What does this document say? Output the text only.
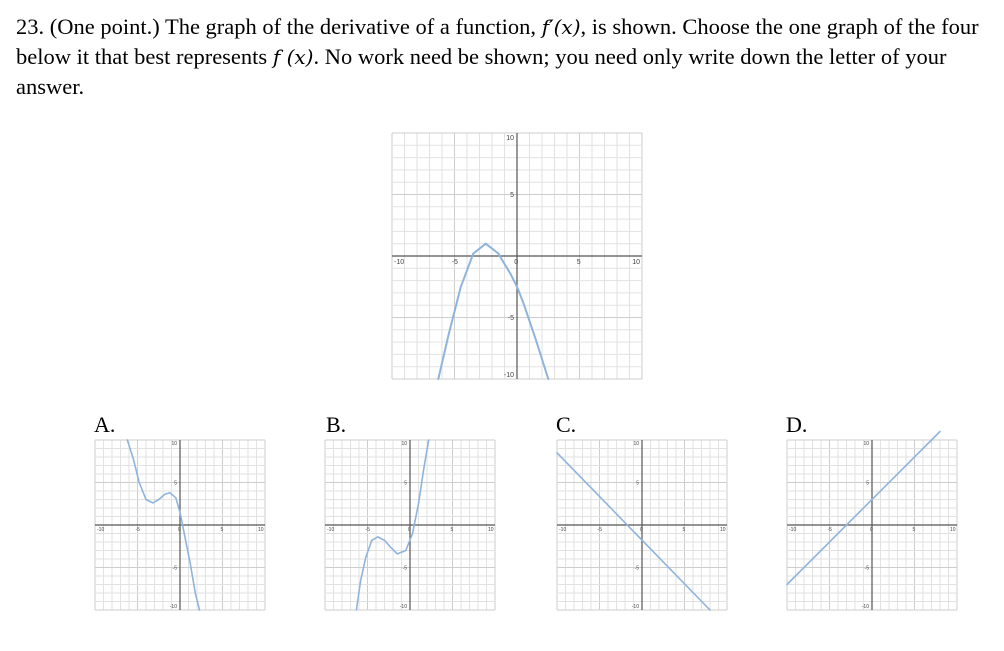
23. (One point.) The graph of the derivative of a function, f′(x), is shown. Choose the one graph of the four below it that best represents f (x). No work need be shown; you need only write down the letter of your answer.

-10	-5	0	5	10
10
5
-5
-10
A.
-10	-5	0	5	10
10
5
-5
-10
B.
-10	-5	0	5	10
10
5
-5
-10
C.
-10	-5	0	5	10
10
5
-5
-10
D.
-10	-5	0	5	10
10
5
-5
-10
